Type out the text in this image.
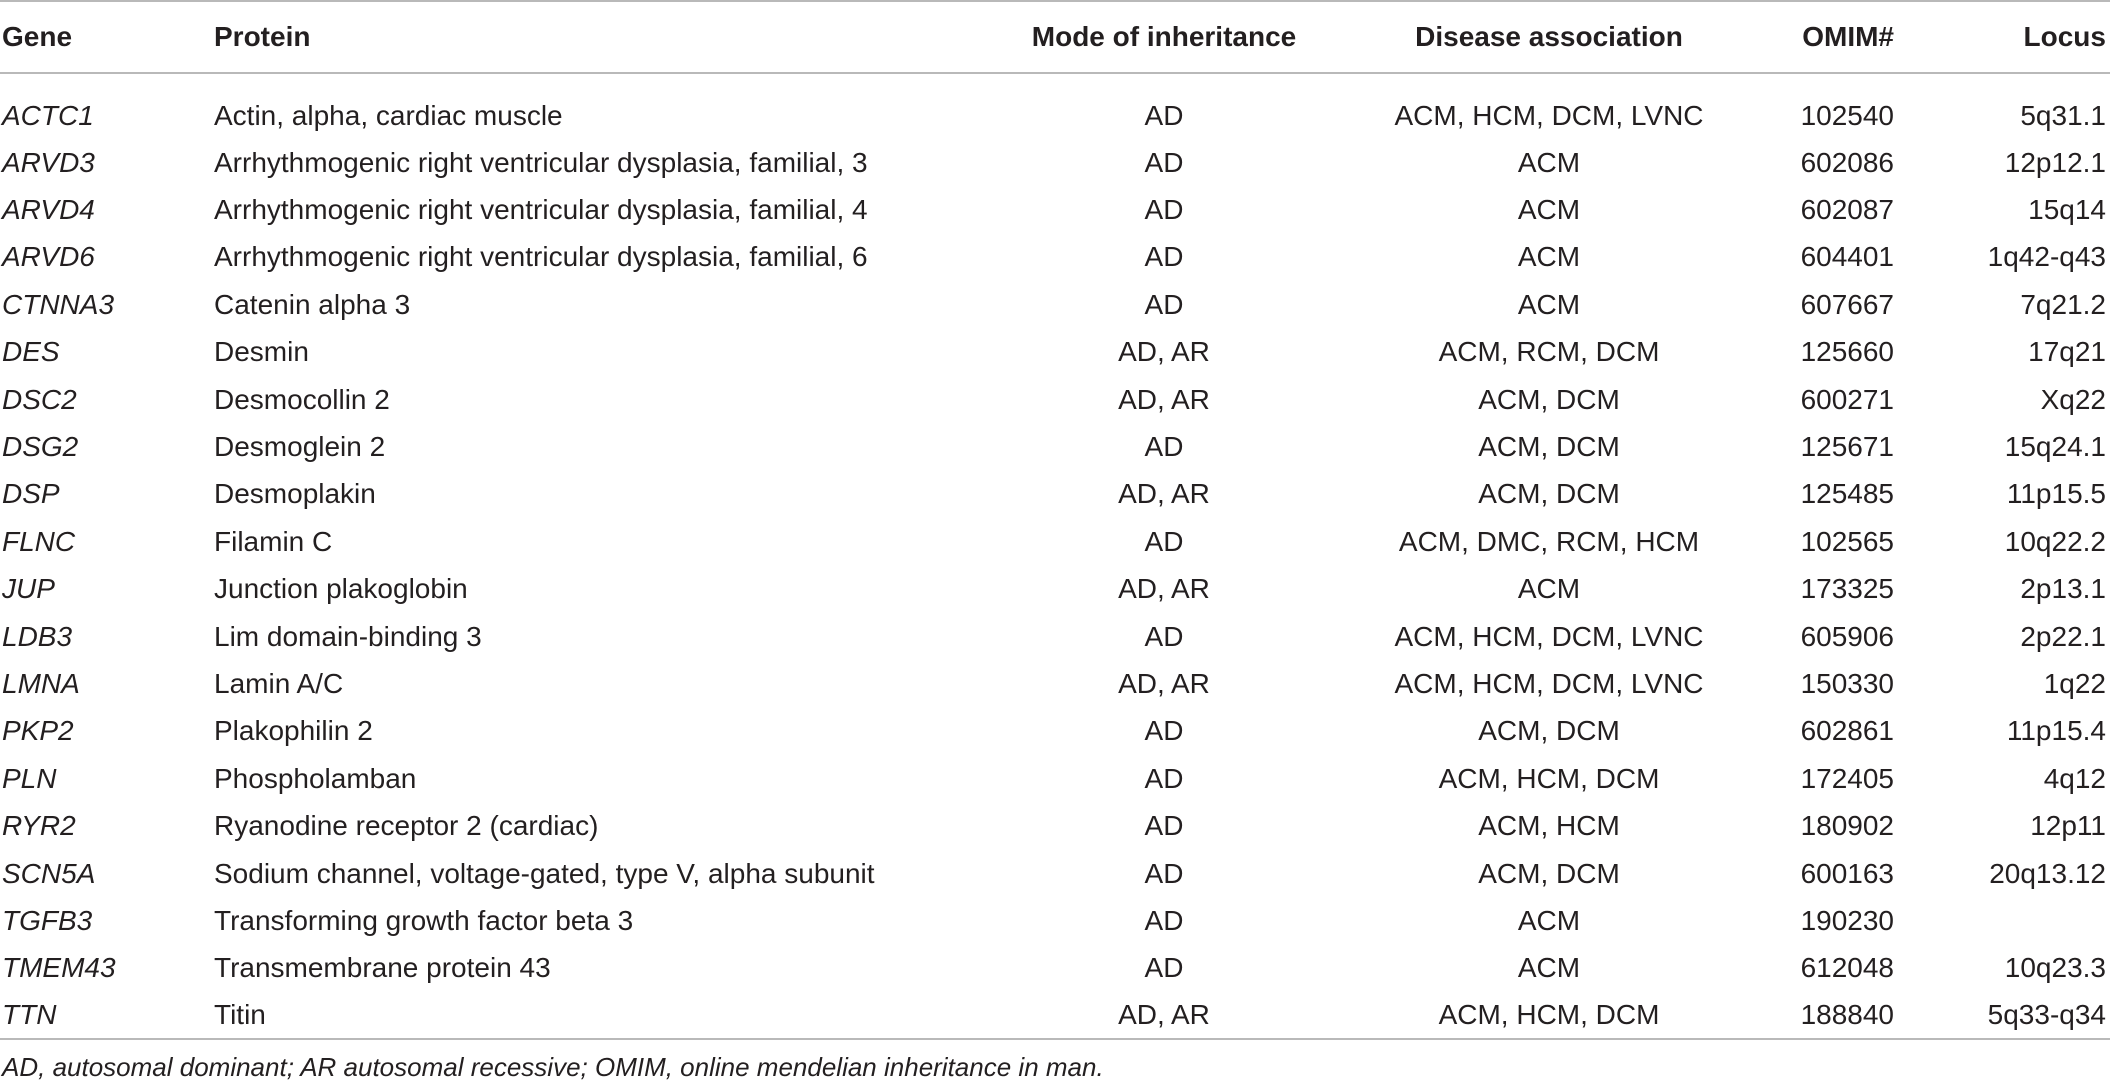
Gene	Protein	Mode of inheritance	Disease association	OMIM#	Locus
ACTC1	Actin, alpha, cardiac muscle	AD	ACM, HCM, DCM, LVNC	102540	5q31.1
ARVD3	Arrhythmogenic right ventricular dysplasia, familial, 3	AD	ACM	602086	12p12.1
ARVD4	Arrhythmogenic right ventricular dysplasia, familial, 4	AD	ACM	602087	15q14
ARVD6	Arrhythmogenic right ventricular dysplasia, familial, 6	AD	ACM	604401	1q42-q43
CTNNA3	Catenin alpha 3	AD	ACM	607667	7q21.2
DES	Desmin	AD, AR	ACM, RCM, DCM	125660	17q21
DSC2	Desmocollin 2	AD, AR	ACM, DCM	600271	Xq22
DSG2	Desmoglein 2	AD	ACM, DCM	125671	15q24.1
DSP	Desmoplakin	AD, AR	ACM, DCM	125485	11p15.5
FLNC	Filamin C	AD	ACM, DMC, RCM, HCM	102565	10q22.2
JUP	Junction plakoglobin	AD, AR	ACM	173325	2p13.1
LDB3	Lim domain-binding 3	AD	ACM, HCM, DCM, LVNC	605906	2p22.1
LMNA	Lamin A/C	AD, AR	ACM, HCM, DCM, LVNC	150330	1q22
PKP2	Plakophilin 2	AD	ACM, DCM	602861	11p15.4
PLN	Phospholamban	AD	ACM, HCM, DCM	172405	4q12
RYR2	Ryanodine receptor 2 (cardiac)	AD	ACM, HCM	180902	12p11
SCN5A	Sodium channel, voltage-gated, type V, alpha subunit	AD	ACM, DCM	600163	20q13.12
TGFB3	Transforming growth factor beta 3	AD	ACM	190230	
TMEM43	Transmembrane protein 43	AD	ACM	612048	10q23.3
TTN	Titin	AD, AR	ACM, HCM, DCM	188840	5q33-q34
AD, autosomal dominant; AR autosomal recessive; OMIM, online mendelian inheritance in man.
